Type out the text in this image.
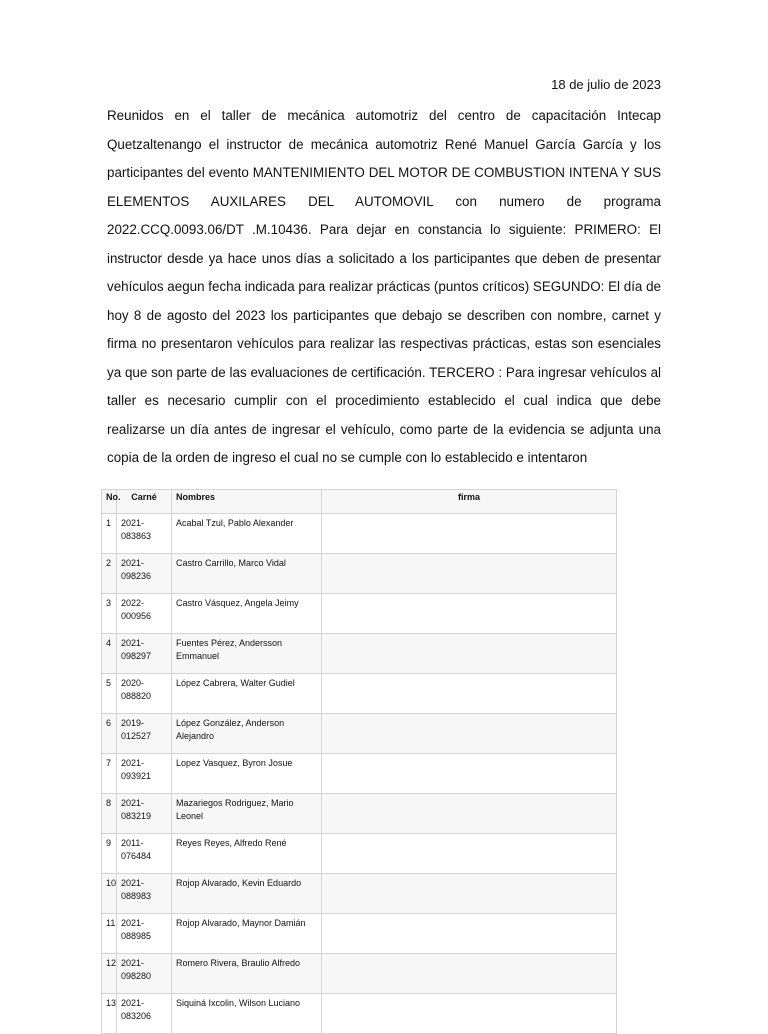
18 de julio de 2023
Reunidos en el taller de mecánica automotriz del centro de capacitación Intecap Quetzaltenango el instructor de mecánica automotriz René Manuel García García y los participantes del evento MANTENIMIENTO DEL MOTOR DE COMBUSTION INTENA Y SUS ELEMENTOS AUXILARES DEL AUTOMOVIL con numero de programa 2022.CCQ.0093.06/DT .M.10436. Para dejar en constancia lo siguiente: PRIMERO: El instructor desde ya hace unos días a solicitado a los participantes que deben de presentar vehículos aegun fecha indicada para realizar prácticas (puntos críticos) SEGUNDO: El día de hoy 8 de agosto del 2023 los participantes que debajo se describen con nombre, carnet y firma no presentaron vehículos para realizar las respectivas prácticas, estas son esenciales ya que son parte de las evaluaciones de certificación. TERCERO : Para ingresar vehículos al taller es necesario cumplir con el procedimiento establecido el cual indica que debe realizarse un día antes de ingresar el vehículo, como parte de la evidencia se adjunta una copia de la orden de ingreso el cual no se cumple con lo establecido e intentaron
No.	Carné	Nombres	firma
1	2021-083863	Acabal Tzul, Pablo Alexander	
2	2021-098236	Castro Carrillo, Marco Vidal	
3	2022-000956	Castro Vásquez, Angela Jeimy	
4	2021-098297	Fuentes Pérez, Andersson Emmanuel	
5	2020-088820	López Cabrera, Walter Gudiel	
6	2019-012527	López González, Anderson Alejandro	
7	2021-093921	Lopez Vasquez, Byron Josue	
8	2021-083219	Mazariegos Rodriguez, Mario Leonel	
9	2011-076484	Reyes Reyes, Alfredo René	
10	2021-088983	Rojop Alvarado, Kevin Eduardo	
11	2021-088985	Rojop Alvarado, Maynor Damián	
12	2021-098280	Romero Rivera, Braulio Alfredo	
13	2021-083206	Siquiná Ixcolin, Wilson Luciano	
